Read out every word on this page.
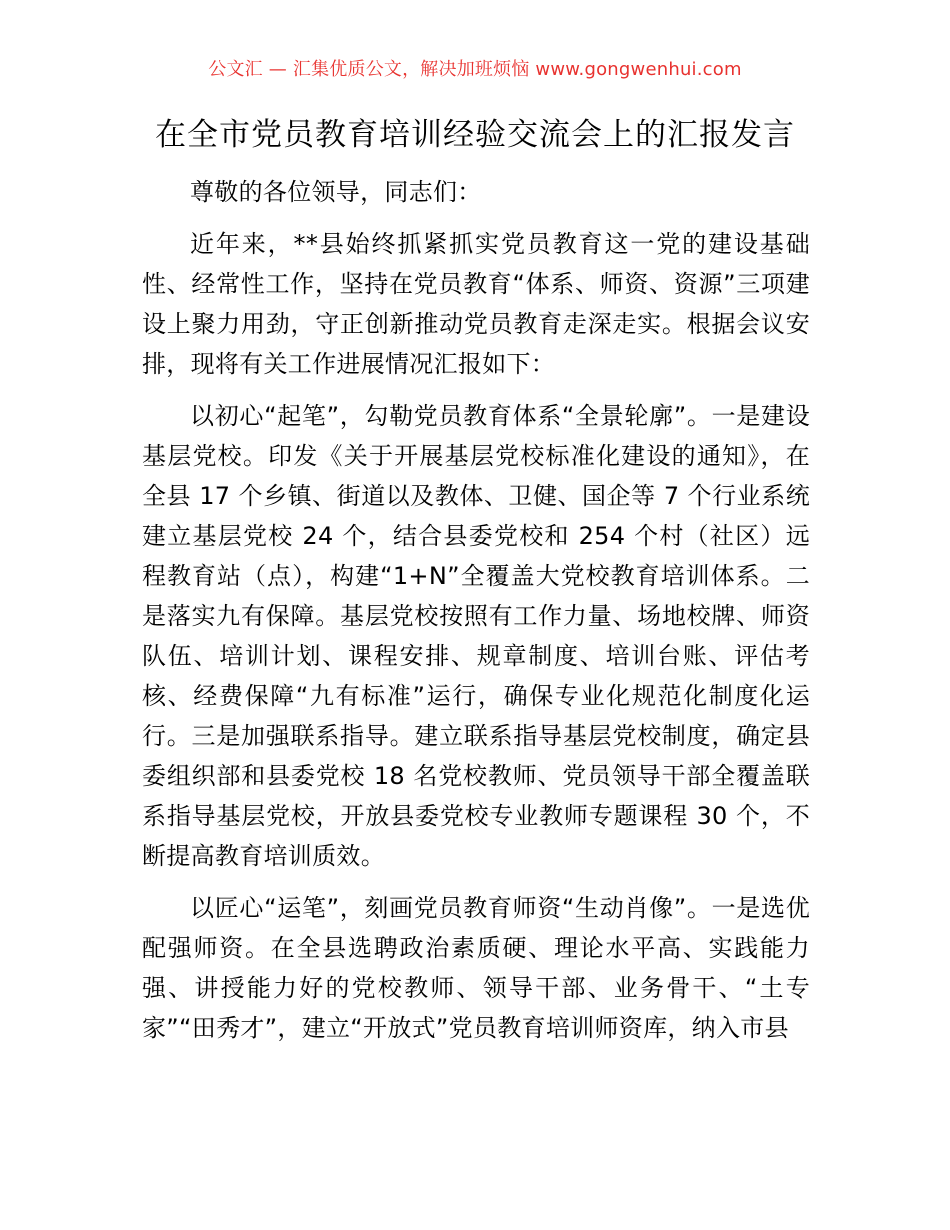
公文汇 — 汇集优质公文，解决加班烦恼 www.gongwenhui.com
在全市党员教育培训经验交流会上的汇报发言

尊敬的各位领导，同志们：

近年来，**县始终抓紧抓实党员教育这一党的建设基础性、经常性工作，坚持在党员教育“体系、师资、资源”三项建设上聚力用劲，守正创新推动党员教育走深走实。根据会议安排，现将有关工作进展情况汇报如下：

以初心“起笔”，勾勒党员教育体系“全景轮廓”。一是建设基层党校。印发《关于开展基层党校标准化建设的通知》，在全县 17 个乡镇、街道以及教体、卫健、国企等 7 个行业系统建立基层党校 24 个，结合县委党校和 254 个村（社区）远程教育站（点），构建“1+N”全覆盖大党校教育培训体系。二是落实九有保障。基层党校按照有工作力量、场地校牌、师资队伍、培训计划、课程安排、规章制度、培训台账、评估考核、经费保障“九有标准”运行，确保专业化规范化制度化运行。三是加强联系指导。建立联系指导基层党校制度，确定县委组织部和县委党校 18 名党校教师、党员领导干部全覆盖联系指导基层党校，开放县委党校专业教师专题课程 30 个，不断提高教育培训质效。

以匠心“运笔”，刻画党员教育师资“生动肖像”。一是选优配强师资。在全县选聘政治素质硬、理论水平高、实践能力强、讲授能力好的党校教师、领导干部、业务骨干、“土专家”“田秀才”，建立“开放式”党员教育培训师资库，纳入市县
